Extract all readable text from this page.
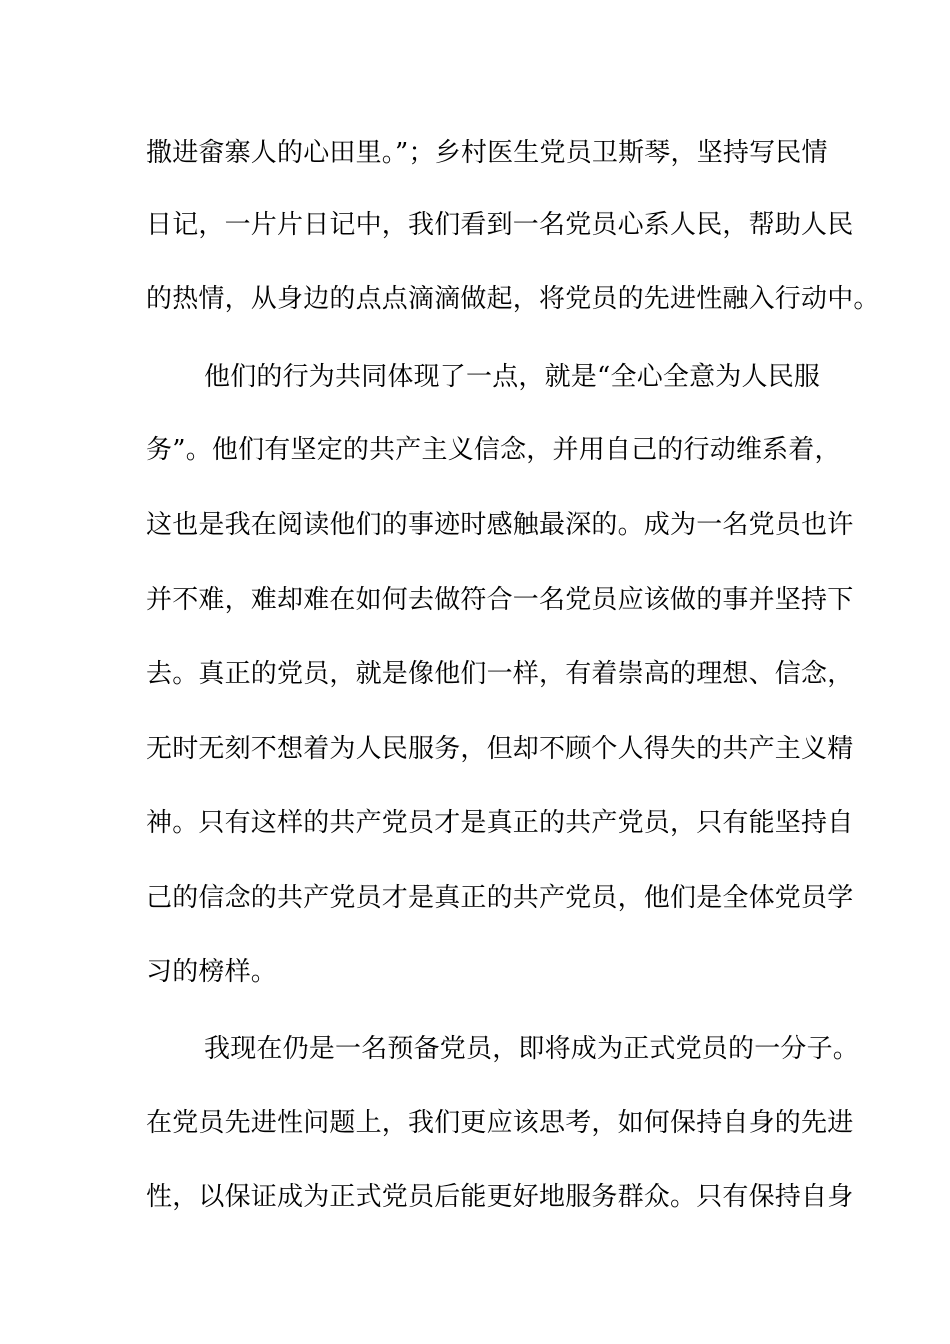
撒进畲寨人的心田里。”；乡村医生党员卫斯琴，坚持写民情
日记，一片片日记中，我们看到一名党员心系人民，帮助人民
的热情，从身边的点点滴滴做起，将党员的先进性融入行动中。
他们的行为共同体现了一点，就是“全心全意为人民服
务”。他们有坚定的共产主义信念，并用自己的行动维系着，
这也是我在阅读他们的事迹时感触最深的。成为一名党员也许
并不难，难却难在如何去做符合一名党员应该做的事并坚持下
去。真正的党员，就是像他们一样，有着崇高的理想、信念，
无时无刻不想着为人民服务，但却不顾个人得失的共产主义精
神。只有这样的共产党员才是真正的共产党员，只有能坚持自
己的信念的共产党员才是真正的共产党员，他们是全体党员学
习的榜样。
我现在仍是一名预备党员，即将成为正式党员的一分子。
在党员先进性问题上，我们更应该思考，如何保持自身的先进
性，以保证成为正式党员后能更好地服务群众。只有保持自身
